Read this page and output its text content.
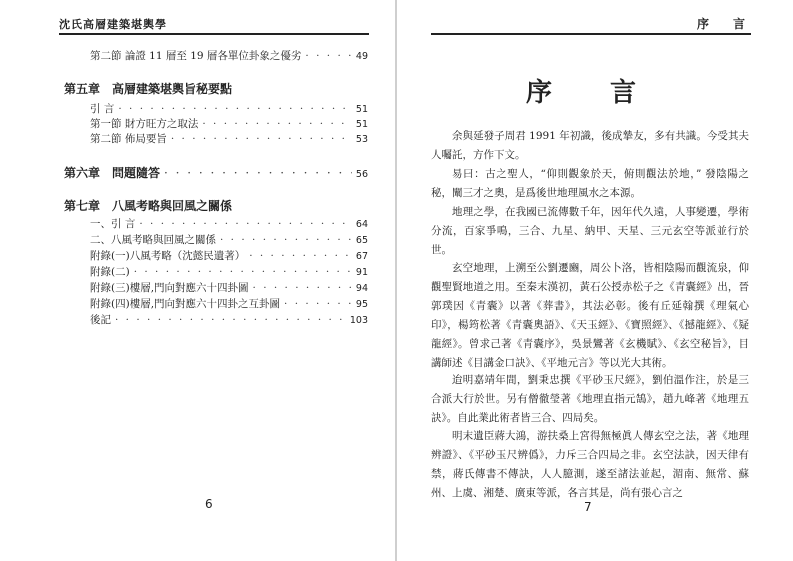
沈氏高層建築堪輿學
第二節 論證 11 層至 19 層各單位卦象之優劣 · · ·	49
第五章　高層建築堪輿旨秘要點
引 言 · · ·	51
第一節 財方旺方之取法 · · ·	51
第二節 佈局要旨 · · ·	53
第六章　問題隨答 · · ·	56
第七章　八風考略與回風之關係
一、引 言 · · ·	64
二、八風考略與回風之關係 · · ·	65
附錄(一)八風考略（沈懿民遺著） · · ·	67
附錄(二) · · ·	91
附錄(三)樓層,門向對應六十四卦圖 · · ·	94
附錄(四)樓層,門向對應六十四卦之互卦圖 · · ·	95
後記 · · ·	103
6
序　言
序　言
余與延發子周君 1991 年初識，後成摯友，多有共識。今受其夫人囑託，方作下文。
易曰：古之聖人，“仰則觀象於天，俯則觀法於地，” 發陰陽之秘，闡三才之奧，是爲後世地理風水之本源。
地理之學，在我國已流傳數千年，因年代久遠，人事變遷，學術分流，百家爭鳴，三合、九星、納甲、天星、三元玄空等派並行於世。
玄空地理，上溯至公劉遷豳，周公卜洛，皆相陰陽而觀流泉，仰觀聖賢地道之用。至秦末漢初，黃石公授赤松子之《青囊經》出，晉郭璞因《青囊》以著《葬書》，其法必彰。後有丘延翰撰《理氣心印》，楊筠松著《青囊奧語》、《天玉經》、《寶照經》、《撼龍經》、《疑龍經》。曾求己著《青囊序》，吳景鸞著《玄機賦》、《玄空秘旨》，目講師述《目講金口訣》、《平地元言》等以光大其術。
迨明嘉靖年間，劉秉忠撰《平砂玉尺經》，劉伯溫作注，於是三合派大行於世。另有僧徹瑩著《地理直指元鵠》，趙九峰著《地理五訣》。自此業此術者皆三合、四局矣。
明末遺臣蔣大鴻，游扶桑上宮得無極眞人傳玄空之法，著《地理辨證》、《平砂玉尺辨僞》，力斥三合四局之非。玄空法訣，因天律有禁，蔣氏傳書不傳訣，人人臆測，遂至諸法並起，湄南、無常、蘇州、上虞、湘楚、廣東等派，各言其是，尚有張心言之
7
